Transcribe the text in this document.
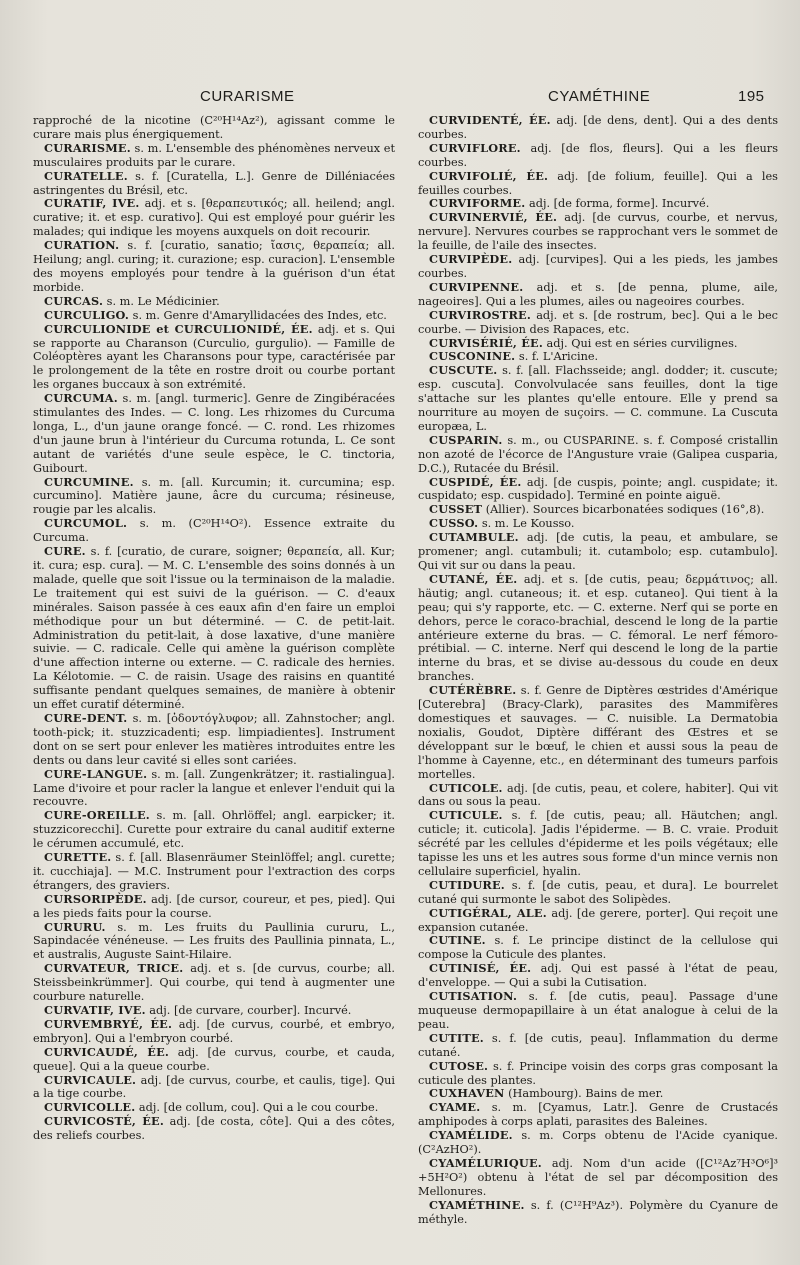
CURARISME	CYAMÉTHINE	195

rapproché de la nicotine (C²⁰H¹⁴Az²), agissant comme le curare mais plus énergiquement.

CURARISME. s. m. L'ensemble des phénomènes nerveux et musculaires produits par le curare.

CURATELLE. s. f. [Curatella, L.]. Genre de Dilléniacées astringentes du Brésil, etc.

CURATIF, IVE. adj. et s. [θεραπευτικός; all. heilend; angl. curative; it. et esp. curativo]. Qui est employé pour guérir les malades; qui indique les moyens auxquels on doit recourir.

CURATION. s. f. [curatio, sanatio; ἴασις, θεραπεία; all. Heilung; angl. curing; it. curazione; esp. curacion]. L'ensemble des moyens employés pour tendre à la guérison d'un état morbide.

CURCAS. s. m. Le Médicinier.

CURCULIGO. s. m. Genre d'Amaryllidacées des Indes, etc.

CURCULIONIDE et CURCULIONIDÉ, ÉE. adj. et s. Qui se rapporte au Charanson (Curculio, gurgulio). — Famille de Coléoptères ayant les Charansons pour type, caractérisée par le prolongement de la tête en rostre droit ou courbe portant les organes buccaux à son extrémité.

CURCUMA. s. m. [angl. turmeric]. Genre de Zingibéracées stimulantes des Indes. — C. long. Les rhizomes du Curcuma longa, L., d'un jaune orange foncé. — C. rond. Les rhizomes d'un jaune brun à l'intérieur du Curcuma rotunda, L. Ce sont autant de variétés d'une seule espèce, le C. tinctoria, Guibourt.

CURCUMINE. s. m. [all. Kurcumin; it. curcumina; esp. curcumino]. Matière jaune, âcre du curcuma; résineuse, rougie par les alcalis.

CURCUMOL. s. m. (C²⁰H¹⁴O²). Essence extraite du Curcuma.

CURE. s. f. [curatio, de curare, soigner; θεραπεία, all. Kur; it. cura; esp. cura]. — M. C. L'ensemble des soins donnés à un malade, quelle que soit l'issue ou la terminaison de la maladie. Le traitement qui est suivi de la guérison. — C. d'eaux minérales. Saison passée à ces eaux afin d'en faire un emploi méthodique pour un but déterminé. — C. de petit-lait. Administration du petit-lait, à dose laxative, d'une manière suivie. — C. radicale. Celle qui amène la guérison complète d'une affection interne ou externe. — C. radicale des hernies. La Kélotomie. — C. de raisin. Usage des raisins en quantité suffisante pendant quelques semaines, de manière à obtenir un effet curatif déterminé.

CURE-DENT. s. m. [ὀδοντόγλυφον; all. Zahnstocher; angl. tooth-pick; it. stuzzicadenti; esp. limpiadientes]. Instrument dont on se sert pour enlever les matières introduites entre les dents ou dans leur cavité si elles sont cariées.

CURE-LANGUE. s. m. [all. Zungenkrätzer; it. rastialingua]. Lame d'ivoire et pour racler la langue et enlever l'enduit qui la recouvre.

CURE-OREILLE. s. m. [all. Ohrlöffel; angl. earpicker; it. stuzzicorecchi]. Curette pour extraire du canal auditif externe le cérumen accumulé, etc.

CURETTE. s. f. [all. Blasenräumer Steinlöffel; angl. curette; it. cucchiaja]. — M.C. Instrument pour l'extraction des corps étrangers, des graviers.

CURSORIPÈDE. adj. [de cursor, coureur, et pes, pied]. Qui a les pieds faits pour la course.

CURURU. s. m. Les fruits du Paullinia cururu, L., Sapindacée vénéneuse. — Les fruits des Paullinia pinnata, L., et australis, Auguste Saint-Hilaire.

CURVATEUR, TRICE. adj. et s. [de curvus, courbe; all. Steissbeinkrümmer]. Qui courbe, qui tend à augmenter une courbure naturelle.

CURVATIF, IVE. adj. [de curvare, courber]. Incurvé.

CURVEMBRYÉ, ÉE. adj. [de curvus, courbé, et embryo, embryon]. Qui a l'embryon courbé.

CURVICAUDÉ, ÉE. adj. [de curvus, courbe, et cauda, queue]. Qui a la queue courbe.

CURVICAULE. adj. [de curvus, courbe, et caulis, tige]. Qui a la tige courbe.

CURVICOLLE. adj. [de collum, cou]. Qui a le cou courbe.

CURVICOSTÉ, ÉE. adj. [de costa, côte]. Qui a des côtes, des reliefs courbes.

CURVIDENTÉ, ÉE. adj. [de dens, dent]. Qui a des dents courbes.

CURVIFLORE. adj. [de flos, fleurs]. Qui a les fleurs courbes.

CURVIFOLIÉ, ÉE. adj. [de folium, feuille]. Qui a les feuilles courbes.

CURVIFORME. adj. [de forma, forme]. Incurvé.

CURVINERVIÉ, ÉE. adj. [de curvus, courbe, et nervus, nervure]. Nervures courbes se rapprochant vers le sommet de la feuille, de l'aile des insectes.

CURVIPÈDE. adj. [curvipes]. Qui a les pieds, les jambes courbes.

CURVIPENNE. adj. et s. [de penna, plume, aile, nageoires]. Qui a les plumes, ailes ou nageoires courbes.

CURVIROSTRE. adj. et s. [de rostrum, bec]. Qui a le bec courbe. — Division des Rapaces, etc.

CURVISÉRIÉ, ÉE. adj. Qui est en séries curvilignes.

CUSCONINE. s. f. L'Aricine.

CUSCUTE. s. f. [all. Flachsseide; angl. dodder; it. cuscute; esp. cuscuta]. Convolvulacée sans feuilles, dont la tige s'attache sur les plantes qu'elle entoure. Elle y prend sa nourriture au moyen de suçoirs. — C. commune. La Cuscuta europæa, L.

CUSPARIN. s. m., ou CUSPARINE. s. f. Composé cristallin non azoté de l'écorce de l'Angusture vraie (Galipea cusparia, D.C.), Rutacée du Brésil.

CUSPIDÉ, ÉE. adj. [de cuspis, pointe; angl. cuspidate; it. cuspidato; esp. cuspidado]. Terminé en pointe aiguë.

CUSSET (Allier). Sources bicarbonatées sodiques (16°,8).

CUSSO. s. m. Le Kousso.

CUTAMBULE. adj. [de cutis, la peau, et ambulare, se promener; angl. cutambuli; it. cutambolo; esp. cutambulo]. Qui vit sur ou dans la peau.

CUTANÉ, ÉE. adj. et s. [de cutis, peau; δερμάτινος; all. häutig; angl. cutaneous; it. et esp. cutaneo]. Qui tient à la peau; qui s'y rapporte, etc. — C. externe. Nerf qui se porte en dehors, perce le coraco-brachial, descend le long de la partie antérieure externe du bras. — C. fémoral. Le nerf fémoro-prétibial. — C. interne. Nerf qui descend le long de la partie interne du bras, et se divise au-dessous du coude en deux branches.

CUTÉRÈBRE. s. f. Genre de Diptères œstrides d'Amérique [Cuterebra] (Bracy-Clark), parasites des Mammifères domestiques et sauvages. — C. nuisible. La Dermatobia noxialis, Goudot, Diptère différant des Œstres et se développant sur le bœuf, le chien et aussi sous la peau de l'homme à Cayenne, etc., en déterminant des tumeurs parfois mortelles.

CUTICOLE. adj. [de cutis, peau, et colere, habiter]. Qui vit dans ou sous la peau.

CUTICULE. s. f. [de cutis, peau; all. Häutchen; angl. cuticle; it. cuticola]. Jadis l'épiderme. — B. C. vraie. Produit sécrété par les cellules d'épiderme et les poils végétaux; elle tapisse les uns et les autres sous forme d'un mince vernis non cellulaire superficiel, hyalin.

CUTIDURE. s. f. [de cutis, peau, et dura]. Le bourrelet cutané qui surmonte le sabot des Solipèdes.

CUTIGÉRAL, ALE. adj. [de gerere, porter]. Qui reçoit une expansion cutanée.

CUTINE. s. f. Le principe distinct de la cellulose qui compose la Cuticule des plantes.

CUTINISÉ, ÉE. adj. Qui est passé à l'état de peau, d'enveloppe. — Qui a subi la Cutisation.

CUTISATION. s. f. [de cutis, peau]. Passage d'une muqueuse dermopapillaire à un état analogue à celui de la peau.

CUTITE. s. f. [de cutis, peau]. Inflammation du derme cutané.

CUTOSE. s. f. Principe voisin des corps gras composant la cuticule des plantes.

CUXHAVEN (Hambourg). Bains de mer.

CYAME. s. m. [Cyamus, Latr.]. Genre de Crustacés amphipodes à corps aplati, parasites des Baleines.

CYAMÉLIDE. s. m. Corps obtenu de l'Acide cyanique. (C²AzHO²).

CYAMÉLURIQUE. adj. Nom d'un acide ([C¹²Az⁷H³O⁶]³ +5H²O²) obtenu à l'état de sel par décomposition des Mellonures.

CYAMÉTHINE. s. f. (C¹²H⁹Az³). Polymère du Cyanure de méthyle.
